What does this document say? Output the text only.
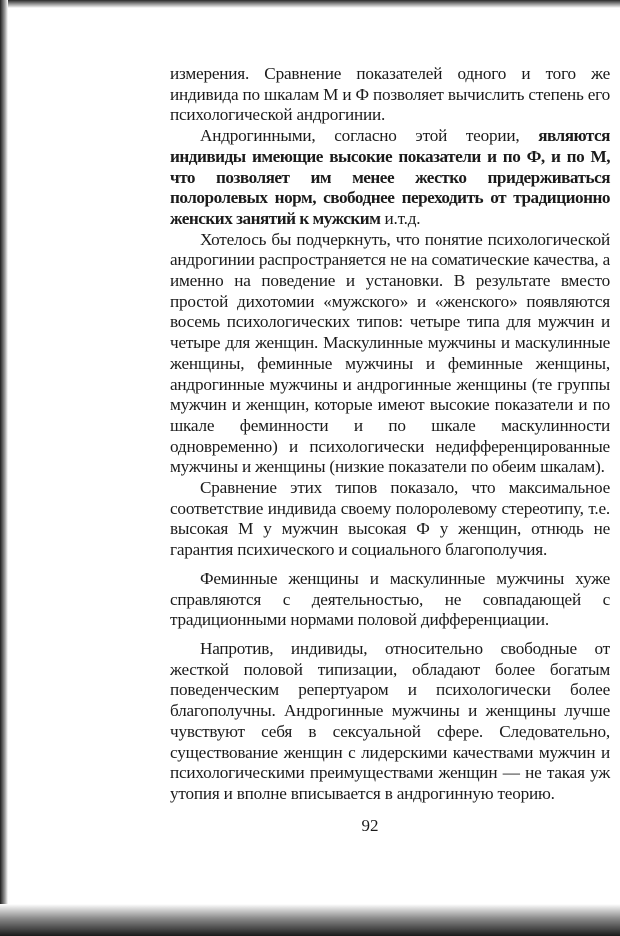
измерения. Сравнение показателей одного и того же индивида по шкалам М и Ф позволяет вычислить степень его психологической андрогинии.

Андрогинными, согласно этой теории, являются индивиды имеющие высокие показатели и по Ф, и по М, что позволяет им менее жестко придерживаться полоролевых норм, свободнее переходить от традиционно женских занятий к мужским и.т.д.

Хотелось бы подчеркнуть, что понятие психологической андрогинии распространяется не на соматические качества, а именно на поведение и установки. В результате вместо простой дихотомии «мужского» и «женского» появляются восемь психологических типов: четыре типа для мужчин и четыре для женщин. Маскулинные мужчины и маскулинные женщины, феминные мужчины и феминные женщины, андрогинные мужчины и андрогинные женщины (те группы мужчин и женщин, которые имеют высокие показатели и по шкале феминности и по шкале маскулинности одновременно) и психологически недифференцированные мужчины и женщины (низкие показатели по обеим шкалам).

Сравнение этих типов показало, что максимальное соответствие индивида своему полоролевому стереотипу, т.е. высокая М у мужчин высокая Ф у женщин, отнюдь не гарантия психического и социального благополучия.

Феминные женщины и маскулинные мужчины хуже справляются с деятельностью, не совпадающей с традиционными нормами половой дифференциации.

Напротив, индивиды, относительно свободные от жесткой половой типизации, обладают более богатым поведенческим репертуаром и психологически более благополучны. Андрогинные мужчины и женщины лучше чувствуют себя в сексуальной сфере. Следовательно, существование женщин с лидерскими качествами мужчин и психологическими преимуществами женщин — не такая уж утопия и вполне вписывается в андрогинную теорию.

92
